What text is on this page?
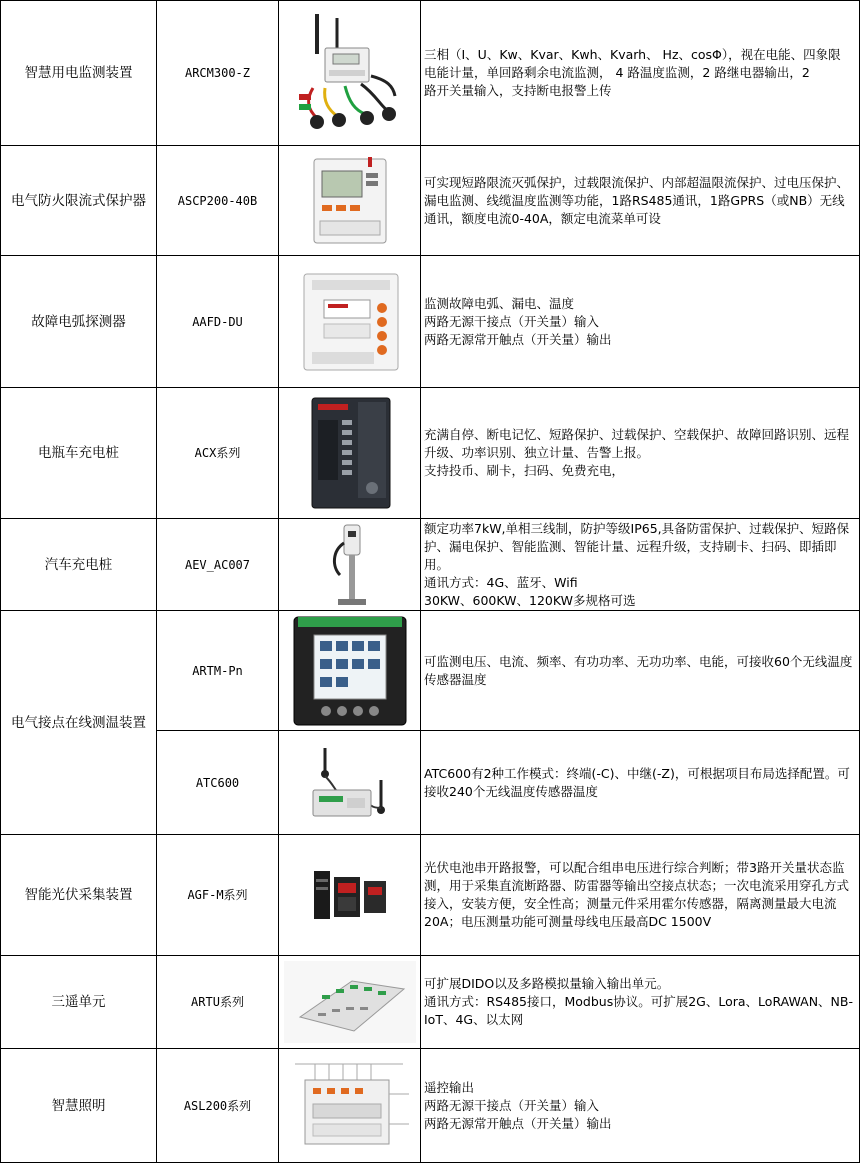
智慧用电监测装置	ARCM300-Z		三相（I、U、Kw、Kvar、Kwh、Kvarh、 Hz、cosΦ），视在电能、四象限 电能计量，单回路剩余电流监测， 4 路温度监测，2 路继电器输出，2
路开关量输入，支持断电报警上传

电气防火限流式保护器	ASCP200-40B		可实现短路限流灭弧保护，过载限流保护、内部超温限流保护、过电压保护、漏电监测、线缆温度监测等功能，1路RS485通讯，1路GPRS（或NB）无线通讯，额度电流0-40A，额定电流菜单可设

故障电弧探测器	AAFD-DU		监测故障电弧、漏电、温度
两路无源干接点（开关量）输入
两路无源常开触点（开关量）输出

电瓶车充电桩	ACX系列		充满自停、断电记忆、短路保护、过载保护、空载保护、故障回路识别、远程升级、功率识别、独立计量、告警上报。
支持投币、刷卡，扫码、免费充电，

汽车充电桩	AEV_AC007		额定功率7kW,单相三线制，防护等级IP65,具备防雷保护、过载保护、短路保护、漏电保护、智能监测、智能计量、远程升级，支持刷卡、扫码、即插即用。
通讯方式：4G、蓝牙、Wifi
30KW、600KW、120KW多规格可选

电气接点在线测温装置	ARTM-Pn		可监测电压、电流、频率、有功功率、无功功率、电能，可接收60个无线温度传感器温度

	ATC600		ATC600有2种工作模式：终端(-C)、中继(-Z)，可根据项目布局选择配置。可接收240个无线温度传感器温度

智能光伏采集装置	AGF-M系列		光伏电池串开路报警，可以配合组串电压进行综合判断；带3路开关量状态监测，用于采集直流断路器、防雷器等输出空接点状态；一次电流采用穿孔方式接入，安装方便，安全性高；测量元件采用霍尔传感器，隔离测量最大电流20A；电压测量功能可测量母线电压最高DC 1500V

三遥单元	ARTU系列		可扩展DIDO以及多路模拟量输入输出单元。
通讯方式：RS485接口，Modbus协议。可扩展2G、Lora、LoRAWAN、NB-IoT、4G、以太网

智慧照明	ASL200系列		遥控输出
两路无源干接点（开关量）输入
两路无源常开触点（开关量）输出
